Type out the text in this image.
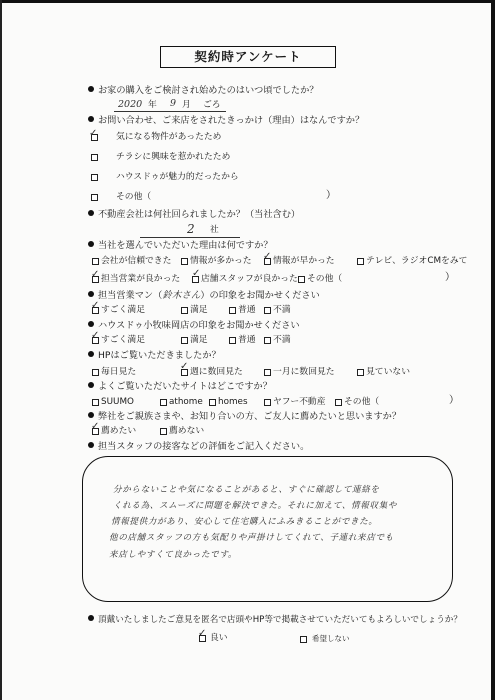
契約時アンケート
お家の購入をご検討され始めたのはいつ頃でしたか？
2020 年 9 月 ごろ
お問い合わせ、ご来店をされたきっかけ（理由）はなんですか？
✓ 気になる物件があったため
チラシに興味を惹かれたため
ハウスドゥが魅力的だったから
その他（	）
不動産会社は何社回られましたか？（当社含む）
2 社
当社を選んでいただいた理由は何ですか？
会社が信頼できた 情報が多かった ✓ 情報が早かった	テレビ、ラジオCMをみて
✓ 担当営業が良かった ✓ 店舗スタッフが良かった その他（	）
担当営業マン（鈴木さん）の印象をお聞かせください
✓ すごく満足	満足	普通 不満
ハウスドゥ小牧味岡店の印象をお聞かせください
✓ すごく満足	満足	普通 不満
HPはご覧いただきましたか？
毎日見た	✓ 週に数回見た	一月に数回見た	見ていない
よくご覧いただいたサイトはどこですか？
SUUMO	athome homes	ヤフー不動産 その他（	）
弊社をご親族さまや、お知り合いの方、ご友人に薦めたいと思いますか？
✓ 薦めたい	薦めない
担当スタッフの接客などの評価をご記入ください。
分からないことや気になることがあると、すぐに確認して連絡を
くれる為、スムーズに問題を解決できた。それに加えて、情報収集や
情報提供力があり、安心して住宅購入にふみきることができた。
他の店舗スタッフの方も気配りや声掛けしてくれて、子連れ来店でも
来店しやすくて良かったです。
頂戴いたしましたご意見を匿名で店頭やHP等で掲載させていただいてもよろしいでしょうか？
✓ 良い	希望しない
